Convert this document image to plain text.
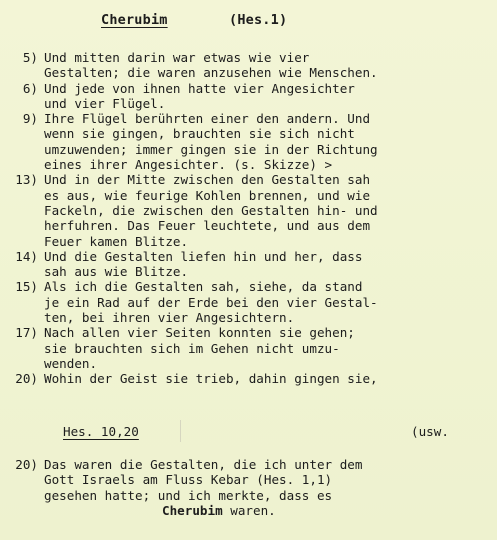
Cherubim	(Hes.1)
5) Und mitten darin war etwas wie vier
Gestalten; die waren anzusehen wie Menschen.
6) Und jede von ihnen hatte vier Angesichter
und vier Flügel.
9) Ihre Flügel berührten einer den andern. Und
wenn sie gingen, brauchten sie sich nicht
umzuwenden; immer gingen sie in der Richtung
eines ihrer Angesichter. (s. Skizze) >
13) Und in der Mitte zwischen den Gestalten sah
es aus, wie feurige Kohlen brennen, und wie
Fackeln, die zwischen den Gestalten hin- und
herfuhren. Das Feuer leuchtete, und aus dem
Feuer kamen Blitze.
14) Und die Gestalten liefen hin und her, dass
sah aus wie Blitze.
15) Als ich die Gestalten sah, siehe, da stand
je ein Rad auf der Erde bei den vier Gestal-
ten, bei ihren vier Angesichtern.
17) Nach allen vier Seiten konnten sie gehen;
sie brauchten sich im Gehen nicht umzu-
wenden.
20) Wohin der Geist sie trieb, dahin gingen sie,
Hes. 10,20	(usw.
20) Das waren die Gestalten, die ich unter dem
Gott Israels am Fluss Kebar (Hes. 1,1)
gesehen hatte; und ich merkte, dass es
Cherubim waren.
